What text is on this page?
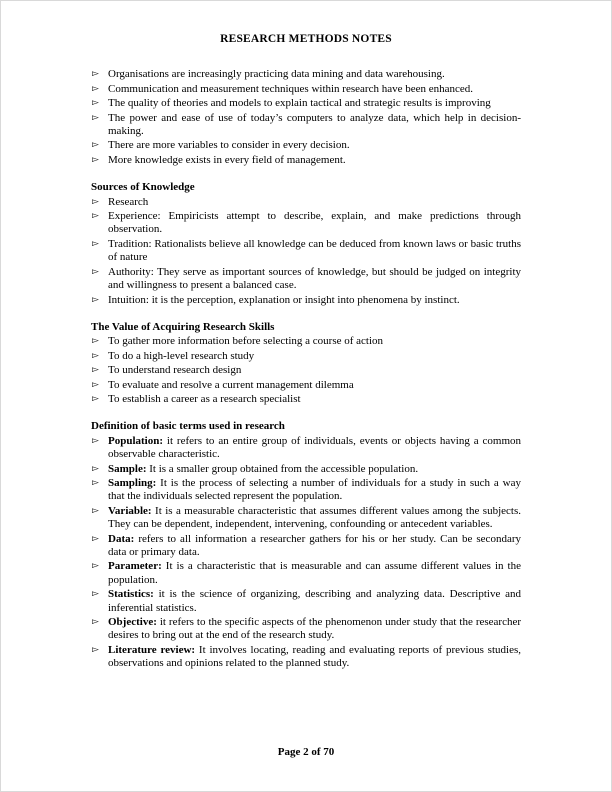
RESEARCH METHODS NOTES
▻ Organisations are increasingly practicing data mining and data warehousing.
▻ Communication and measurement techniques within research have been enhanced.
▻ The quality of theories and models to explain tactical and strategic results is improving
▻ The power and ease of use of today’s computers to analyze data, which help in decision-making.
▻ There are more variables to consider in every decision.
▻ More knowledge exists in every field of management.
Sources of Knowledge
▻ Research
▻ Experience: Empiricists attempt to describe, explain, and make predictions through observation.
▻ Tradition: Rationalists believe all knowledge can be deduced from known laws or basic truths of nature
▻ Authority: They serve as important sources of knowledge, but should be judged on integrity and willingness to present a balanced case.
▻ Intuition: it is the perception, explanation or insight into phenomena by instinct.
The Value of Acquiring Research Skills
▻ To gather more information before selecting a course of action
▻ To do a high-level research study
▻ To understand research design
▻ To evaluate and resolve a current management dilemma
▻ To establish a career as a research specialist
Definition of basic terms used in research
▻ Population: it refers to an entire group of individuals, events or objects having a common observable characteristic.
▻ Sample: It is a smaller group obtained from the accessible population.
▻ Sampling: It is the process of selecting a number of individuals for a study in such a way that the individuals selected represent the population.
▻ Variable: It is a measurable characteristic that assumes different values among the subjects. They can be dependent, independent, intervening, confounding or antecedent variables.
▻ Data: refers to all information a researcher gathers for his or her study. Can be secondary data or primary data.
▻ Parameter: It is a characteristic that is measurable and can assume different values in the population.
▻ Statistics: it is the science of organizing, describing and analyzing data. Descriptive and inferential statistics.
▻ Objective: it refers to the specific aspects of the phenomenon under study that the researcher desires to bring out at the end of the research study.
▻ Literature review: It involves locating, reading and evaluating reports of previous studies, observations and opinions related to the planned study.
Page 2 of 70
